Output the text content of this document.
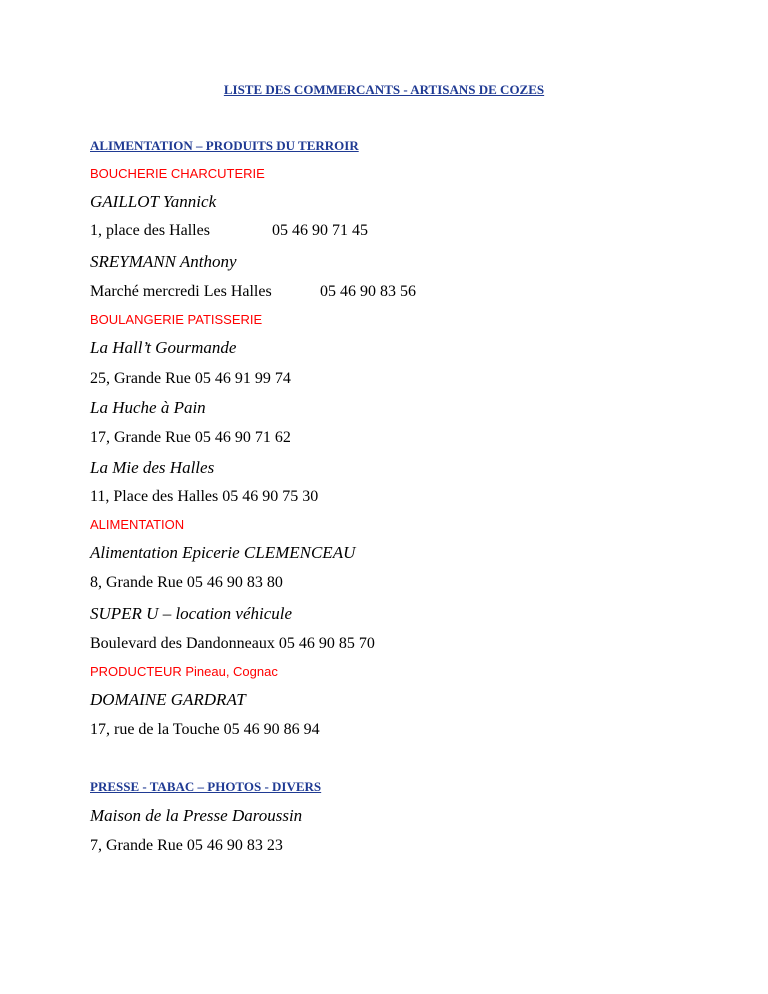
LISTE DES COMMERCANTS - ARTISANS DE COZES
ALIMENTATION – PRODUITS DU TERROIR
BOUCHERIE CHARCUTERIE
GAILLOT Yannick
1, place des Halles	05 46 90 71 45
SREYMANN Anthony
Marché mercredi Les Halles	05 46 90 83 56
BOULANGERIE PATISSERIE
La Hall’t Gourmande
25, Grande Rue 05 46 91 99 74
La Huche à Pain
17, Grande Rue 05 46 90 71 62
La Mie des Halles
11, Place des Halles 05 46 90 75 30
ALIMENTATION
Alimentation Epicerie CLEMENCEAU
8, Grande Rue 05 46 90 83 80
SUPER U – location véhicule
Boulevard des Dandonneaux 05 46 90 85 70
PRODUCTEUR Pineau, Cognac
DOMAINE GARDRAT
17, rue de la Touche 05 46 90 86 94
PRESSE - TABAC – PHOTOS - DIVERS
Maison de la Presse Daroussin
7, Grande Rue 05 46 90 83 23
